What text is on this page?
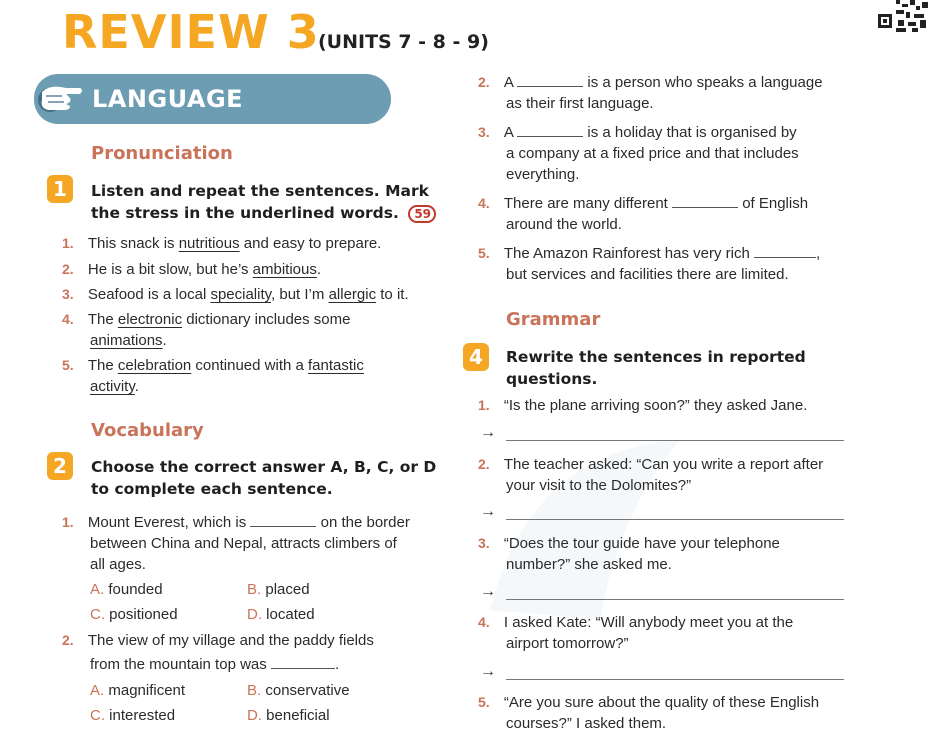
REVIEW 3
(UNITS 7 - 8 - 9)
LANGUAGE
Pronunciation
1	Listen and repeat the sentences. Mark
the stress in the underlined words. 59
1. This snack is nutritious and easy to prepare.
2. He is a bit slow, but he’s ambitious.
3. Seafood is a local speciality, but I’m allergic to it.
4. The electronic dictionary includes some
animations.
5. The celebration continued with a fantastic
activity.
Vocabulary
2	Choose the correct answer A, B, C, or D
to complete each sentence.
1. Mount Everest, which is	on the border
between China and Nepal, attracts climbers of
all ages.
A. founded	B. placed
C. positioned	D. located
2. The view of my village and the paddy fields
from the mountain top was	.
A. magnificent	B. conservative
C. interested	D. beneficial
2. A	is a person who speaks a language
as their first language.
3. A	is a holiday that is organised by
a company at a fixed price and that includes
everything.
4. There are many different	of English
around the world.
5. The Amazon Rainforest has very rich	,
but services and facilities there are limited.
Grammar
4	Rewrite the sentences in reported
questions.
1. “Is the plane arriving soon?” they asked Jane.
→
2. The teacher asked: “Can you write a report after
your visit to the Dolomites?”
→
3. “Does the tour guide have your telephone
number?” she asked me.
→
4. I asked Kate: “Will anybody meet you at the
airport tomorrow?”
→
5. “Are you sure about the quality of these English
courses?” I asked them.
